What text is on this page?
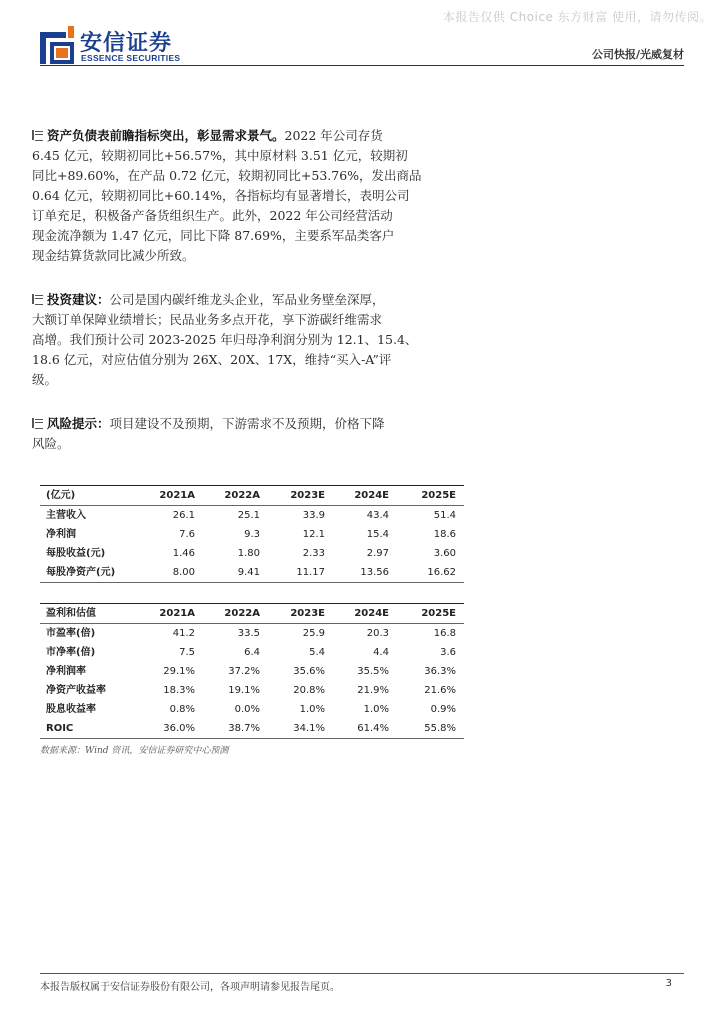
本报告仅供 Choice 东方财富 使用，请勿传阅。
安信证券
ESSENCE SECURITIES	公司快报/光威复材
资产负债表前瞻指标突出，彰显需求景气。2022 年公司存货
6.45 亿元，较期初同比+56.57%，其中原材料 3.51 亿元，较期初
同比+89.60%，在产品 0.72 亿元，较期初同比+53.76%，发出商品
0.64 亿元，较期初同比+60.14%，各指标均有显著增长，表明公司
订单充足，积极备产备货组织生产。此外，2022 年公司经营活动
现金流净额为 1.47 亿元，同比下降 87.69%，主要系军品类客户
现金结算货款同比减少所致。
投资建议：公司是国内碳纤维龙头企业，军品业务壁垒深厚，
大额订单保障业绩增长；民品业务多点开花，享下游碳纤维需求
高增。我们预计公司 2023-2025 年归母净利润分别为 12.1、15.4、
18.6 亿元，对应估值分别为 26X、20X、17X，维持“买入-A”评
级。
风险提示：项目建设不及预期，下游需求不及预期，价格下降
风险。
(亿元)	2021A	2022A	2023E	2024E	2025E
主营收入	26.1	25.1	33.9	43.4	51.4
净利润	7.6	9.3	12.1	15.4	18.6
每股收益(元)	1.46	1.80	2.33	2.97	3.60
每股净资产(元)	8.00	9.41	11.17	13.56	16.62
盈利和估值	2021A	2022A	2023E	2024E	2025E
市盈率(倍)	41.2	33.5	25.9	20.3	16.8
市净率(倍)	7.5	6.4	5.4	4.4	3.6
净利润率	29.1%	37.2%	35.6%	35.5%	36.3%
净资产收益率	18.3%	19.1%	20.8%	21.9%	21.6%
股息收益率	0.8%	0.0%	1.0%	1.0%	0.9%
ROIC	36.0%	38.7%	34.1%	61.4%	55.8%
数据来源：Wind 资讯，安信证券研究中心预测
本报告版权属于安信证券股份有限公司，各项声明请参见报告尾页。	3
